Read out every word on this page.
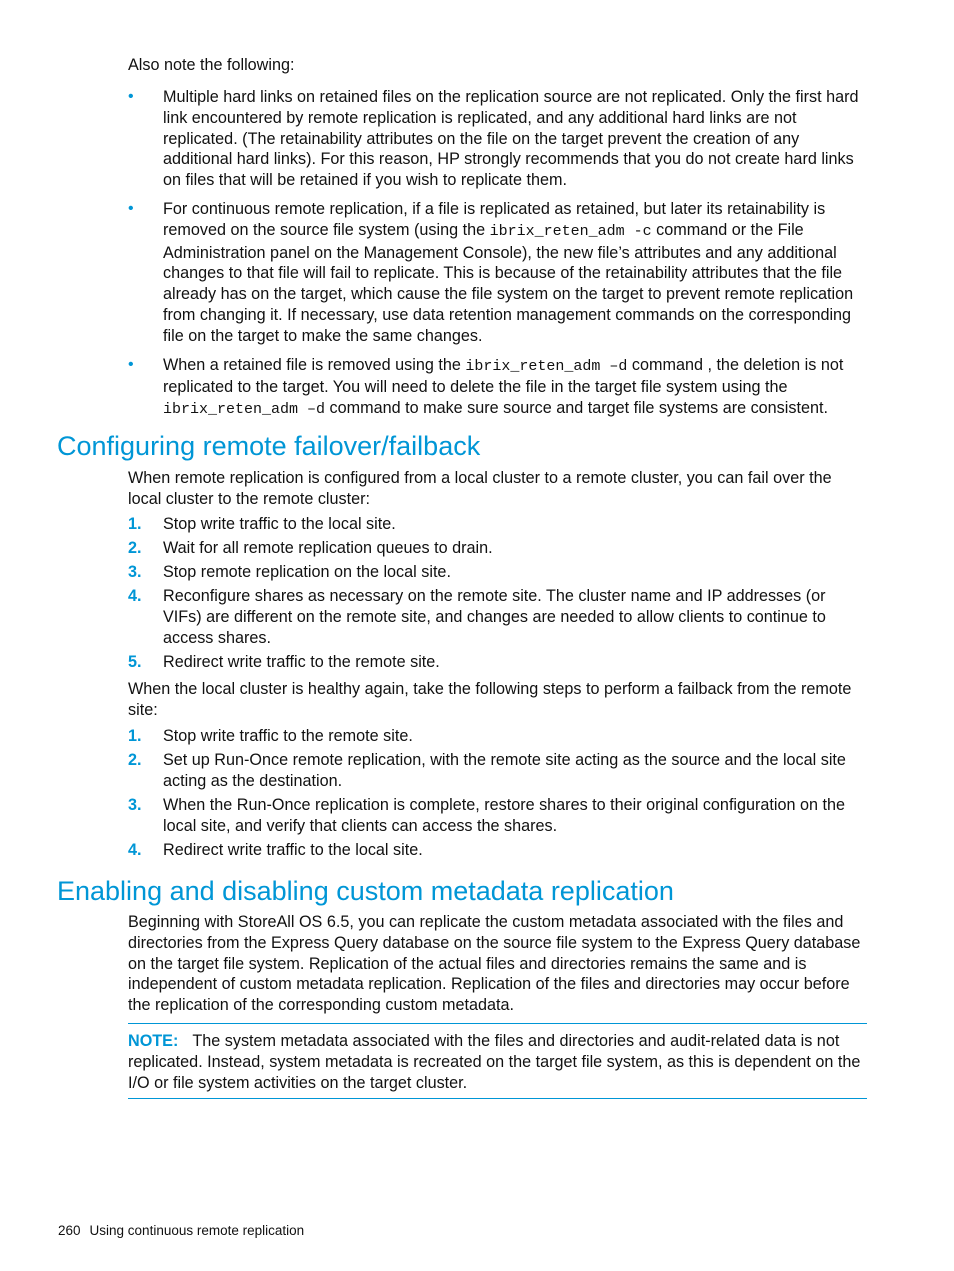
Also note the following:
• Multiple hard links on retained files on the replication source are not replicated. Only the first hard link encountered by remote replication is replicated, and any additional hard links are not replicated. (The retainability attributes on the file on the target prevent the creation of any additional hard links). For this reason, HP strongly recommends that you do not create hard links on files that will be retained if you wish to replicate them.
• For continuous remote replication, if a file is replicated as retained, but later its retainability is removed on the source file system (using the ibrix_reten_adm -c command or the File Administration panel on the Management Console), the new file’s attributes and any additional changes to that file will fail to replicate. This is because of the retainability attributes that the file already has on the target, which cause the file system on the target to prevent remote replication from changing it. If necessary, use data retention management commands on the corresponding file on the target to make the same changes.
• When a retained file is removed using the ibrix_reten_adm –d command , the deletion is not replicated to the target. You will need to delete the file in the target file system using the ibrix_reten_adm –d command to make sure source and target file systems are consistent.
Configuring remote failover/failback
When remote replication is configured from a local cluster to a remote cluster, you can fail over the local cluster to the remote cluster:
1. Stop write traffic to the local site.
2. Wait for all remote replication queues to drain.
3. Stop remote replication on the local site.
4. Reconfigure shares as necessary on the remote site. The cluster name and IP addresses (or VIFs) are different on the remote site, and changes are needed to allow clients to continue to access shares.
5. Redirect write traffic to the remote site.
When the local cluster is healthy again, take the following steps to perform a failback from the remote site:
1. Stop write traffic to the remote site.
2. Set up Run-Once remote replication, with the remote site acting as the source and the local site acting as the destination.
3. When the Run-Once replication is complete, restore shares to their original configuration on the local site, and verify that clients can access the shares.
4. Redirect write traffic to the local site.
Enabling and disabling custom metadata replication
Beginning with StoreAll OS 6.5, you can replicate the custom metadata associated with the files and directories from the Express Query database on the source file system to the Express Query database on the target file system. Replication of the actual files and directories remains the same and is independent of custom metadata replication. Replication of the files and directories may occur before the replication of the corresponding custom metadata.
NOTE: The system metadata associated with the files and directories and audit-related data is not replicated. Instead, system metadata is recreated on the target file system, as this is dependent on the I/O or file system activities on the target cluster.
260 Using continuous remote replication
